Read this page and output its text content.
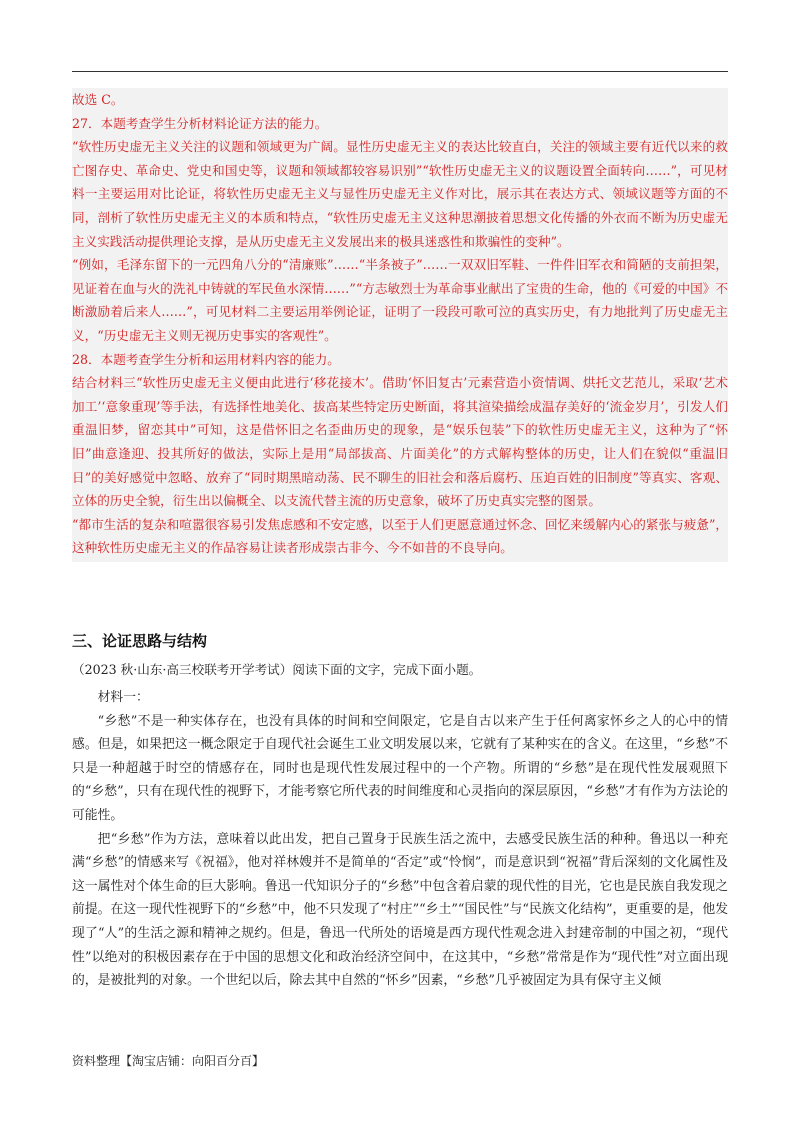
故选 C。

27．本题考查学生分析材料论证方法的能力。

“软性历史虚无主义关注的议题和领域更为广阔。显性历史虚无主义的表达比较直白，关注的领域主要有近代以来的救亡图存史、革命史、党史和国史等，议题和领域都较容易识别”“软性历史虚无主义的议题设置全面转向……”，可见材料一主要运用对比论证，将软性历史虚无主义与显性历史虚无主义作对比，展示其在表达方式、领域议题等方面的不同，剖析了软性历史虚无主义的本质和特点，“软性历史虚无主义这种思潮披着思想文化传播的外衣而不断为历史虚无主义实践活动提供理论支撑，是从历史虚无主义发展出来的极具迷惑性和欺骗性的变种”。

“例如，毛泽东留下的一元四角八分的“清廉账”……“半条被子”……一双双旧军鞋、一件件旧军衣和简陋的支前担架，见证着在血与火的洗礼中铸就的军民鱼水深情……”“方志敏烈士为革命事业献出了宝贵的生命，他的《可爱的中国》不断激励着后来人……”，可见材料二主要运用举例论证，证明了一段段可歌可泣的真实历史，有力地批判了历史虚无主义，“历史虚无主义则无视历史事实的客观性”。

28．本题考查学生分析和运用材料内容的能力。

结合材料三“软性历史虚无主义便由此进行‘移花接木’。借助‘怀旧复古’元素营造小资情调、烘托文艺范儿，采取‘艺术加工’‘意象重现’等手法，有选择性地美化、拔高某些特定历史断面，将其渲染描绘成温存美好的‘流金岁月’，引发人们重温旧梦，留恋其中”可知，这是借怀旧之名歪曲历史的现象，是“娱乐包装”下的软性历史虚无主义，这种为了“怀旧”曲意逢迎、投其所好的做法，实际上是用“局部拔高、片面美化”的方式解构整体的历史，让人们在貌似“重温旧日”的美好感觉中忽略、放弃了“同时期黑暗动荡、民不聊生的旧社会和落后腐朽、压迫百姓的旧制度”等真实、客观、立体的历史全貌，衍生出以偏概全、以支流代替主流的历史意象，破坏了历史真实完整的图景。

“都市生活的复杂和喧嚣很容易引发焦虑感和不安定感，以至于人们更愿意通过怀念、回忆来缓解内心的紧张与疲惫”，这种软性历史虚无主义的作品容易让读者形成崇古非今、今不如昔的不良导向。

三、论证思路与结构
（2023 秋·山东·高三校联考开学考试）阅读下面的文字，完成下面小题。

材料一：

“乡愁”不是一种实体存在，也没有具体的时间和空间限定，它是自古以来产生于任何离家怀乡之人的心中的情感。但是，如果把这一概念限定于自现代社会诞生工业文明发展以来，它就有了某种实在的含义。在这里，“乡愁”不只是一种超越于时空的情感存在，同时也是现代性发展过程中的一个产物。所谓的“乡愁”是在现代性发展观照下的“乡愁”，只有在现代性的视野下，才能考察它所代表的时间维度和心灵指向的深层原因，“乡愁”才有作为方法论的可能性。

把“乡愁”作为方法，意味着以此出发，把自己置身于民族生活之流中，去感受民族生活的种种。鲁迅以一种充满“乡愁”的情感来写《祝福》，他对祥林嫂并不是简单的“否定”或“怜悯”，而是意识到“祝福”背后深刻的文化属性及这一属性对个体生命的巨大影响。鲁迅一代知识分子的“乡愁”中包含着启蒙的现代性的目光，它也是民族自我发现之前提。在这一现代性视野下的“乡愁”中，他不只发现了“村庄”“乡土”“国民性”与“民族文化结构”，更重要的是，他发现了“人”的生活之源和精神之规约。但是，鲁迅一代所处的语境是西方现代性观念进入封建帝制的中国之初，“现代性”以绝对的积极因素存在于中国的思想文化和政治经济空间中，在这其中，“乡愁”常常是作为“现代性”对立面出现的，是被批判的对象。一个世纪以后，除去其中自然的“怀乡”因素，“乡愁”几乎被固定为具有保守主义倾

资料整理【淘宝店铺：向阳百分百】
